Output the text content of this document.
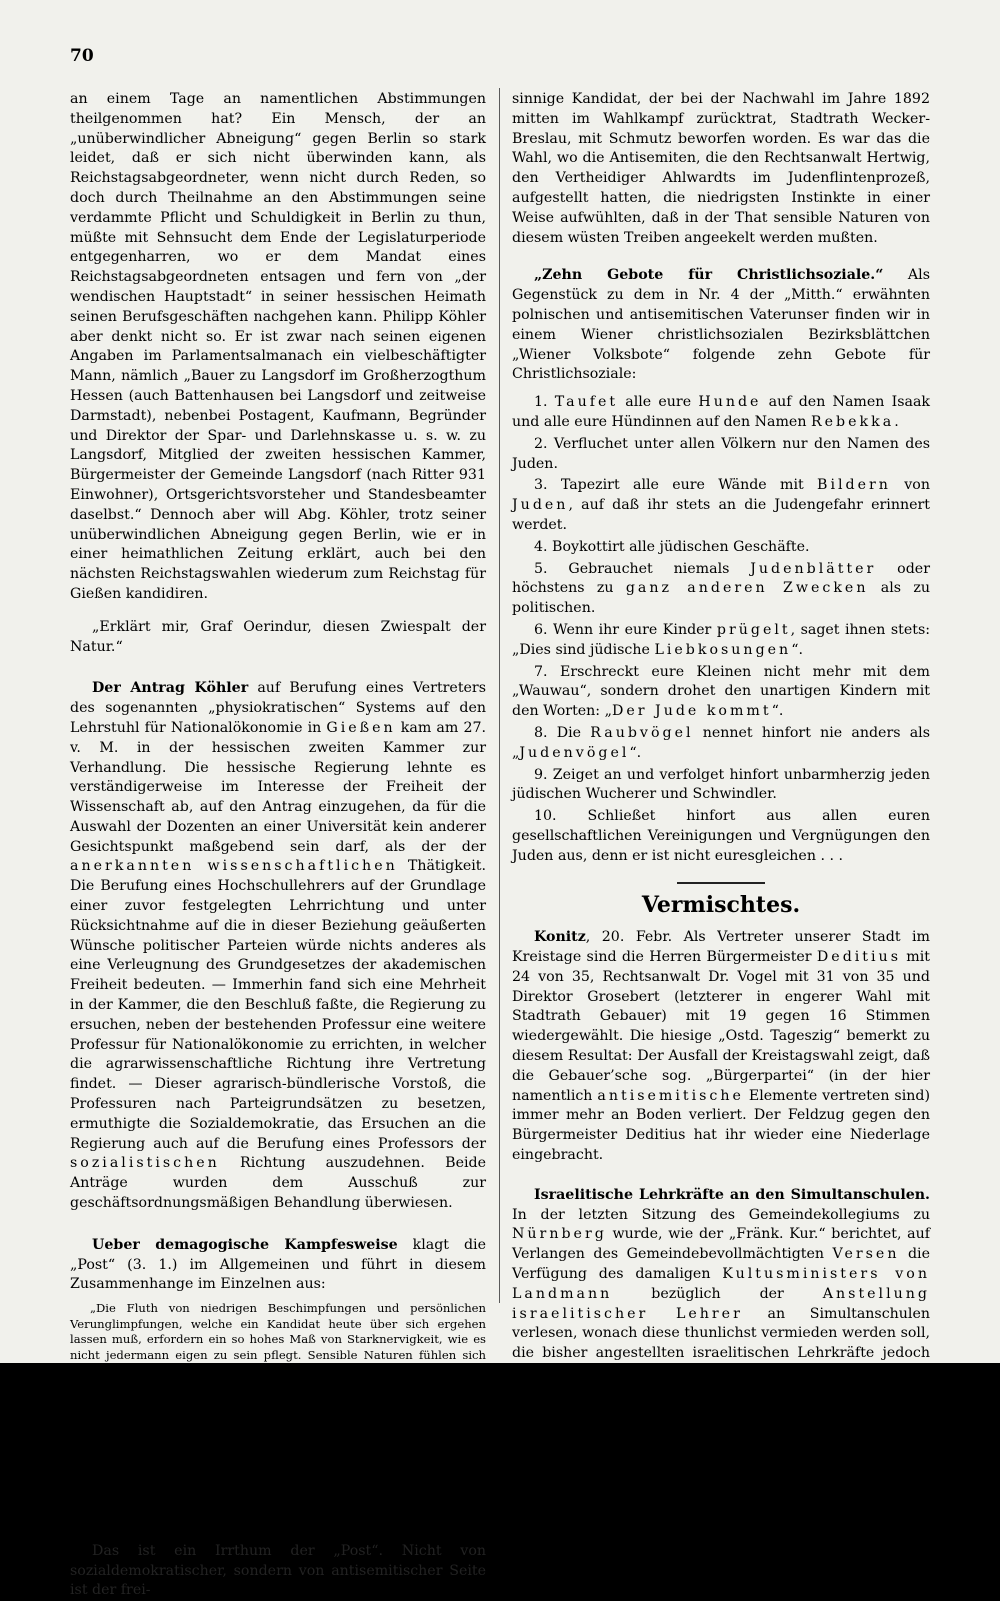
70

an einem Tage an namentlichen Abstimmungen theilgenommen hat? Ein Mensch, der an „unüberwindlicher Abneigung“ gegen Berlin so stark leidet, daß er sich nicht überwinden kann, als Reichstagsabgeordneter, wenn nicht durch Reden, so doch durch Theilnahme an den Abstimmungen seine verdammte Pflicht und Schuldigkeit in Berlin zu thun, müßte mit Sehnsucht dem Ende der Legislaturperiode entgegenharren, wo er dem Mandat eines Reichstagsabgeordneten entsagen und fern von „der wendischen Hauptstadt“ in seiner hessischen Heimath seinen Berufsgeschäften nachgehen kann. Philipp Köhler aber denkt nicht so. Er ist zwar nach seinen eigenen Angaben im Parlamentsalmanach ein vielbeschäftigter Mann, nämlich „Bauer zu Langsdorf im Großherzogthum Hessen (auch Battenhausen bei Langsdorf und zeitweise Darmstadt), nebenbei Postagent, Kaufmann, Begründer und Direktor der Spar- und Darlehnskasse u. s. w. zu Langsdorf, Mitglied der zweiten hessischen Kammer, Bürgermeister der Gemeinde Langsdorf (nach Ritter 931 Einwohner), Ortsgerichtsvorsteher und Standesbeamter daselbst.“ Dennoch aber will Abg. Köhler, trotz seiner unüberwindlichen Abneigung gegen Berlin, wie er in einer heimathlichen Zeitung erklärt, auch bei den nächsten Reichstagswahlen wiederum zum Reichstag für Gießen kandidiren.

„Erklärt mir, Graf Oerindur, diesen Zwiespalt der Natur.“

Der Antrag Köhler auf Berufung eines Vertreters des sogenannten „physiokratischen“ Systems auf den Lehrstuhl für Nationalökonomie in Gießen kam am 27. v. M. in der hessischen zweiten Kammer zur Verhandlung. Die hessische Regierung lehnte es verständigerweise im Interesse der Freiheit der Wissenschaft ab, auf den Antrag einzugehen, da für die Auswahl der Dozenten an einer Universität kein anderer Gesichtspunkt maßgebend sein darf, als der der anerkannten wissenschaftlichen Thätigkeit. Die Berufung eines Hochschullehrers auf der Grundlage einer zuvor festgelegten Lehrrichtung und unter Rücksichtnahme auf die in dieser Beziehung geäußerten Wünsche politischer Parteien würde nichts anderes als eine Verleugnung des Grundgesetzes der akademischen Freiheit bedeuten. — Immerhin fand sich eine Mehrheit in der Kammer, die den Beschluß faßte, die Regierung zu ersuchen, neben der bestehenden Professur eine weitere Professur für Nationalökonomie zu errichten, in welcher die agrarwissenschaftliche Richtung ihre Vertretung findet. — Dieser agrarisch-bündlerische Vorstoß, die Professuren nach Parteigrundsätzen zu besetzen, ermuthigte die Sozialdemokratie, das Ersuchen an die Regierung auch auf die Berufung eines Professors der sozialistischen Richtung auszudehnen. Beide Anträge wurden dem Ausschuß zur geschäftsordnungsmäßigen Behandlung überwiesen.

Ueber demagogische Kampfesweise klagt die „Post“ (3. 1.) im Allgemeinen und führt in diesem Zusammenhange im Einzelnen aus:

„Die Fluth von niedrigen Beschimpfungen und persönlichen Verunglimpfungen, welche ein Kandidat heute über sich ergehen lassen muß, erfordern ein so hohes Maß von Starknervigkeit, wie es nicht jedermann eigen zu sein pflegt. Sensible Naturen fühlen sich vielfach durch die Entartung des Parteikampfes abgestoßen, zumal Elemente, welche nicht so stark im Vordergrunde des politischen Meinungskampfes stehen, daß sie ohne weiteres wissen, wie leichtfertig und frivol gewerbsmäßige Hetzapostel mit den niedrigsten Verdächtigungen vorgehen, und danach von vornherein schließen können, wie wenig solche Angriffe bei allen anständig denkenden Menschen verfangen können. Vor einigen Jahren trat ein freisinniger Kandidat in Liegnitz noch während des Wahlkampfes zurück, weil er in nichtswürdigster Weise von sozialdemokratischer Seite mit Schmutz beworfen wurde und solche verlogenen Angriffe nicht länger ertragen konnte.“

Das ist ein Irrthum der „Post“. Nicht von sozialdemokratischer, sondern von antisemitischer Seite ist der frei-

sinnige Kandidat, der bei der Nachwahl im Jahre 1892 mitten im Wahlkampf zurücktrat, Stadtrath Wecker-Breslau, mit Schmutz beworfen worden. Es war das die Wahl, wo die Antisemiten, die den Rechtsanwalt Hertwig, den Vertheidiger Ahlwardts im Judenflintenprozeß, aufgestellt hatten, die niedrigsten Instinkte in einer Weise aufwühlten, daß in der That sensible Naturen von diesem wüsten Treiben angeekelt werden mußten.

„Zehn Gebote für Christlichsoziale.“ Als Gegenstück zu dem in Nr. 4 der „Mitth.“ erwähnten polnischen und antisemitischen Vaterunser finden wir in einem Wiener christlichsozialen Bezirksblättchen „Wiener Volksbote“ folgende zehn Gebote für Christlichsoziale:

1. Taufet alle eure Hunde auf den Namen Isaak und alle eure Hündinnen auf den Namen Rebekka.

2. Verfluchet unter allen Völkern nur den Namen des Juden.

3. Tapezirt alle eure Wände mit Bildern von Juden, auf daß ihr stets an die Judengefahr erinnert werdet.

4. Boykottirt alle jüdischen Geschäfte.

5. Gebrauchet niemals Judenblätter oder höchstens zu ganz anderen Zwecken als zu politischen.

6. Wenn ihr eure Kinder prügelt, saget ihnen stets: „Dies sind jüdische Liebkosungen“.

7. Erschreckt eure Kleinen nicht mehr mit dem „Wauwau“, sondern drohet den unartigen Kindern mit den Worten: „Der Jude kommt“.

8. Die Raubvögel nennet hinfort nie anders als „Judenvögel“.

9. Zeiget an und verfolget hinfort unbarmherzig jeden jüdischen Wucherer und Schwindler.

10. Schließet hinfort aus allen euren gesellschaftlichen Vereinigungen und Vergnügungen den Juden aus, denn er ist nicht euresgleichen . . .

Vermischtes.

Konitz, 20. Febr. Als Vertreter unserer Stadt im Kreistage sind die Herren Bürgermeister Deditius mit 24 von 35, Rechtsanwalt Dr. Vogel mit 31 von 35 und Direktor Grosebert (letzterer in engerer Wahl mit Stadtrath Gebauer) mit 19 gegen 16 Stimmen wiedergewählt. Die hiesige „Ostd. Tageszig“ bemerkt zu diesem Resultat: Der Ausfall der Kreistagswahl zeigt, daß die Gebauer’sche sog. „Bürgerpartei“ (in der hier namentlich antisemitische Elemente vertreten sind) immer mehr an Boden verliert. Der Feldzug gegen den Bürgermeister Deditius hat ihr wieder eine Niederlage eingebracht.

Israelitische Lehrkräfte an den Simultanschulen. In der letzten Sitzung des Gemeindekollegiums zu Nürnberg wurde, wie der „Fränk. Kur.“ berichtet, auf Verlangen des Gemeindebevollmächtigten Versen die Verfügung des damaligen Kultusministers von Landmann bezüglich der Anstellung israelitischer Lehrer an Simultanschulen verlesen, wonach diese thunlichst vermieden werden soll, die bisher angestellten israelitischen Lehrkräfte jedoch im Amte zu belassen seien.

Versen betonte, der Boykott gegen einen Theil unserer Mitbürger, wie er in dieser Verfügung enthalten sei, welche die Anstellung von israelitischen Lehrkräften an den Simultanschulen und damit an allen Volksschulen in Nürnberg betreffe, gehöre zu den mancherlei betrübenden Erscheinungen, welche wir in der letzten Zeit auf dem Gebiete der inneren Politik in unserem engeren Vaterland hätten erleben müssen. Die Sache sei um so bedenklicher, als es sich
